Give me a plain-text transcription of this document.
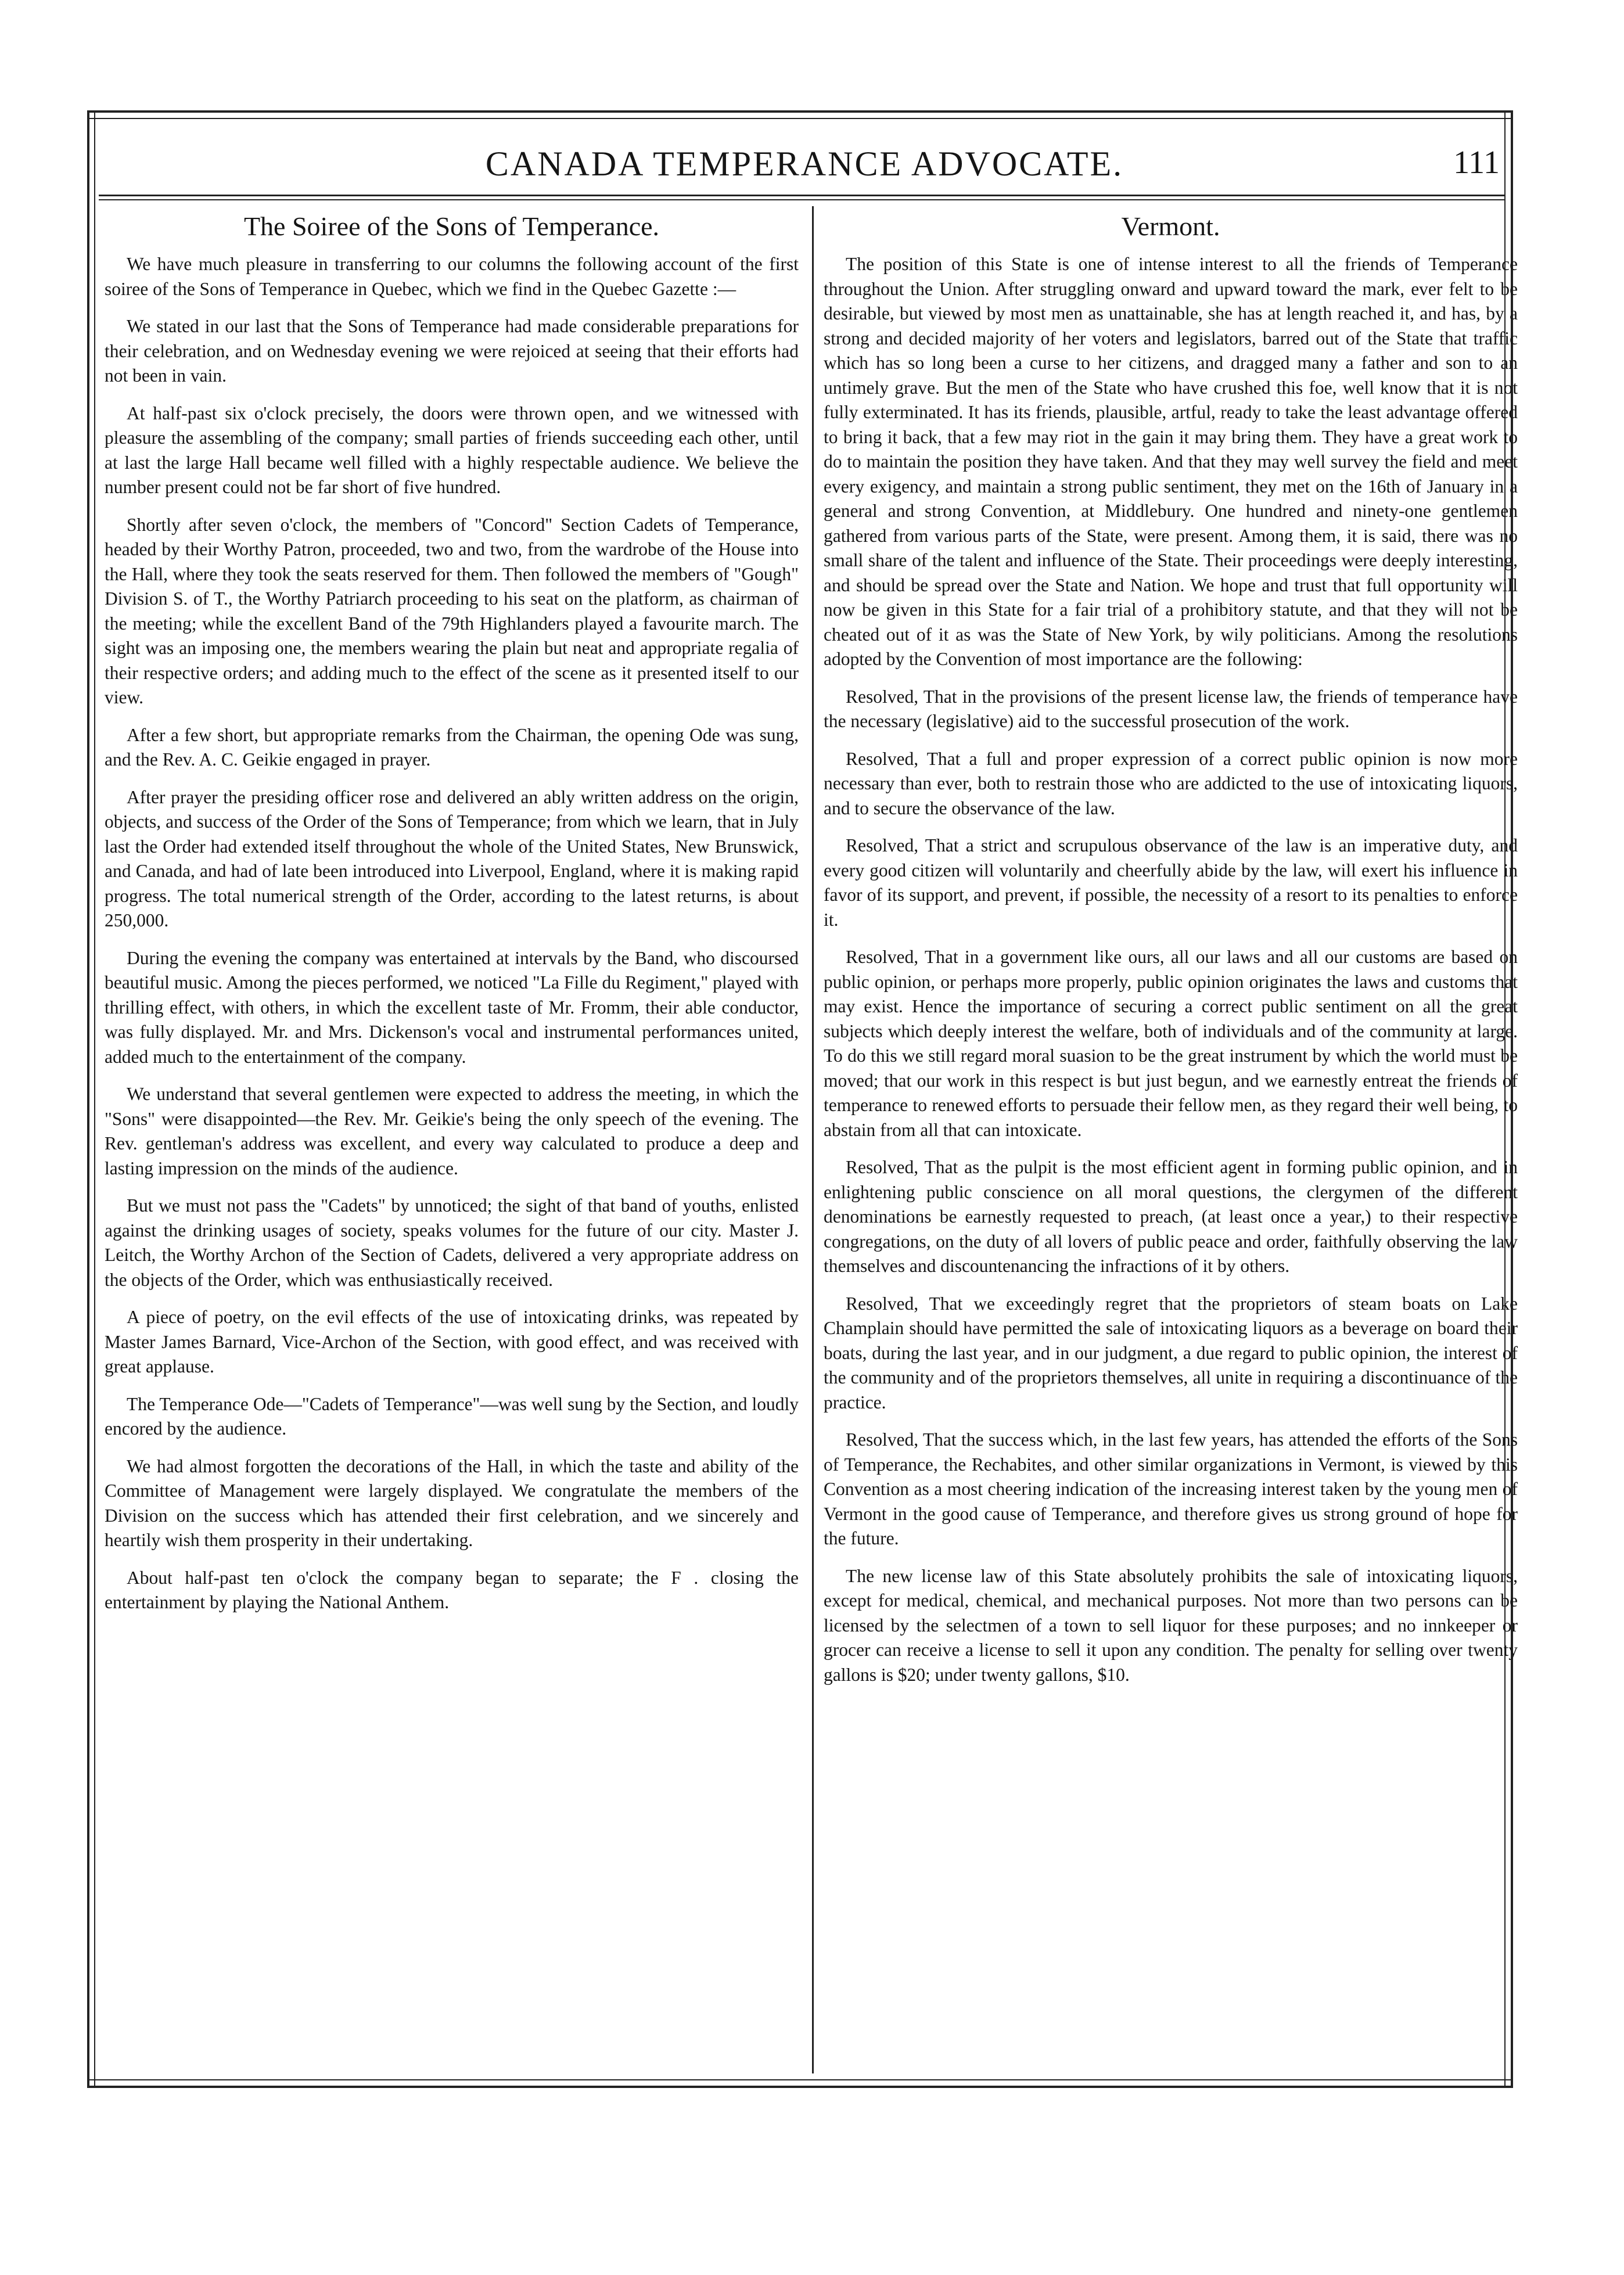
CANADA TEMPERANCE ADVOCATE.	111
The Soiree of the Sons of Temperance.

We have much pleasure in transferring to our columns the following account of the first soiree of the Sons of Temperance in Quebec, which we find in the Quebec Gazette :—

We stated in our last that the Sons of Temperance had made considerable preparations for their celebration, and on Wednesday evening we were rejoiced at seeing that their efforts had not been in vain.

At half-past six o'clock precisely, the doors were thrown open, and we witnessed with pleasure the assembling of the company; small parties of friends succeeding each other, until at last the large Hall became well filled with a highly respectable audience. We believe the number present could not be far short of five hundred.

Shortly after seven o'clock, the members of "Concord" Section Cadets of Temperance, headed by their Worthy Patron, proceeded, two and two, from the wardrobe of the House into the Hall, where they took the seats reserved for them. Then followed the members of "Gough" Division S. of T., the Worthy Patriarch proceeding to his seat on the platform, as chairman of the meeting; while the excellent Band of the 79th Highlanders played a favourite march. The sight was an imposing one, the members wearing the plain but neat and appropriate regalia of their respective orders; and adding much to the effect of the scene as it presented itself to our view.

After a few short, but appropriate remarks from the Chairman, the opening Ode was sung, and the Rev. A. C. Geikie engaged in prayer.

After prayer the presiding officer rose and delivered an ably written address on the origin, objects, and success of the Order of the Sons of Temperance; from which we learn, that in July last the Order had extended itself throughout the whole of the United States, New Brunswick, and Canada, and had of late been introduced into Liverpool, England, where it is making rapid progress. The total numerical strength of the Order, according to the latest returns, is about 250,000.

During the evening the company was entertained at intervals by the Band, who discoursed beautiful music. Among the pieces performed, we noticed "La Fille du Regiment," played with thrilling effect, with others, in which the excellent taste of Mr. Fromm, their able conductor, was fully displayed. Mr. and Mrs. Dickenson's vocal and instrumental performances united, added much to the entertainment of the company.

We understand that several gentlemen were expected to address the meeting, in which the "Sons" were disappointed—the Rev. Mr. Geikie's being the only speech of the evening. The Rev. gentleman's address was excellent, and every way calculated to produce a deep and lasting impression on the minds of the audience.

But we must not pass the "Cadets" by unnoticed; the sight of that band of youths, enlisted against the drinking usages of society, speaks volumes for the future of our city. Master J. Leitch, the Worthy Archon of the Section of Cadets, delivered a very appropriate address on the objects of the Order, which was enthusiastically received.

A piece of poetry, on the evil effects of the use of intoxicating drinks, was repeated by Master James Barnard, Vice-Archon of the Section, with good effect, and was received with great applause.

The Temperance Ode—"Cadets of Temperance"—was well sung by the Section, and loudly encored by the audience.

We had almost forgotten the decorations of the Hall, in which the taste and ability of the Committee of Management were largely displayed. We congratulate the members of the Division on the success which has attended their first celebration, and we sincerely and heartily wish them prosperity in their undertaking.

About half-past ten o'clock the company began to separate; the F . closing the entertainment by playing the National Anthem.

Vermont.

The position of this State is one of intense interest to all the friends of Temperance throughout the Union. After struggling onward and upward toward the mark, ever felt to be desirable, but viewed by most men as unattainable, she has at length reached it, and has, by a strong and decided majority of her voters and legislators, barred out of the State that traffic which has so long been a curse to her citizens, and dragged many a father and son to an untimely grave. But the men of the State who have crushed this foe, well know that it is not fully exterminated. It has its friends, plausible, artful, ready to take the least advantage offered to bring it back, that a few may riot in the gain it may bring them. They have a great work to do to maintain the position they have taken. And that they may well survey the field and meet every exigency, and maintain a strong public sentiment, they met on the 16th of January in a general and strong Convention, at Middlebury. One hundred and ninety-one gentlemen gathered from various parts of the State, were present. Among them, it is said, there was no small share of the talent and influence of the State. Their proceedings were deeply interesting, and should be spread over the State and Nation. We hope and trust that full opportunity will now be given in this State for a fair trial of a prohibitory statute, and that they will not be cheated out of it as was the State of New York, by wily politicians. Among the resolutions adopted by the Convention of most importance are the following:

Resolved, That in the provisions of the present license law, the friends of temperance have the necessary (legislative) aid to the successful prosecution of the work.

Resolved, That a full and proper expression of a correct public opinion is now more necessary than ever, both to restrain those who are addicted to the use of intoxicating liquors, and to secure the observance of the law.

Resolved, That a strict and scrupulous observance of the law is an imperative duty, and every good citizen will voluntarily and cheerfully abide by the law, will exert his influence in favor of its support, and prevent, if possible, the necessity of a resort to its penalties to enforce it.

Resolved, That in a government like ours, all our laws and all our customs are based on public opinion, or perhaps more properly, public opinion originates the laws and customs that may exist. Hence the importance of securing a correct public sentiment on all the great subjects which deeply interest the welfare, both of individuals and of the community at large. To do this we still regard moral suasion to be the great instrument by which the world must be moved; that our work in this respect is but just begun, and we earnestly entreat the friends of temperance to renewed efforts to persuade their fellow men, as they regard their well being, to abstain from all that can intoxicate.

Resolved, That as the pulpit is the most efficient agent in forming public opinion, and in enlightening public conscience on all moral questions, the clergymen of the different denominations be earnestly requested to preach, (at least once a year,) to their respective congregations, on the duty of all lovers of public peace and order, faithfully observing the law themselves and discountenancing the infractions of it by others.

Resolved, That we exceedingly regret that the proprietors of steam boats on Lake Champlain should have permitted the sale of intoxicating liquors as a beverage on board their boats, during the last year, and in our judgment, a due regard to public opinion, the interest of the community and of the proprietors themselves, all unite in requiring a discontinuance of the practice.

Resolved, That the success which, in the last few years, has attended the efforts of the Sons of Temperance, the Rechabites, and other similar organizations in Vermont, is viewed by this Convention as a most cheering indication of the increasing interest taken by the young men of Vermont in the good cause of Temperance, and therefore gives us strong ground of hope for the future.

The new license law of this State absolutely prohibits the sale of intoxicating liquors, except for medical, chemical, and mechanical purposes. Not more than two persons can be licensed by the selectmen of a town to sell liquor for these purposes; and no innkeeper or grocer can receive a license to sell it upon any condition. The penalty for selling over twenty gallons is $20; under twenty gallons, $10.
